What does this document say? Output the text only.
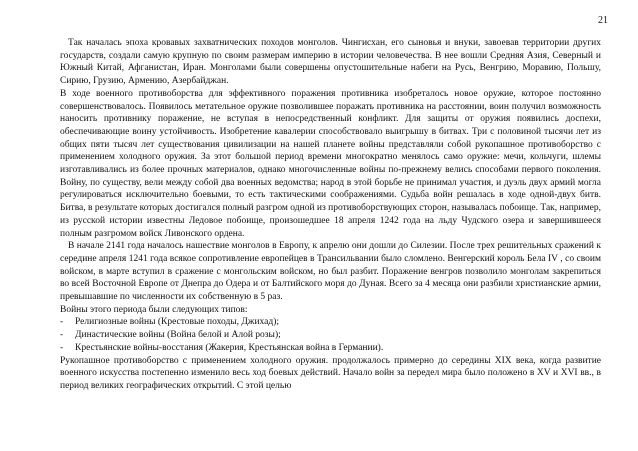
21

Так началась эпоха кровавых захватнических походов монголов. Чингисхан, его сыновья и внуки, завоевав территории других государств, создали самую крупную по своим размерам империю в истории человечества. В нее вошли Средняя Азия, Северный и Южный Китай, Афганистан, Иран. Монголами были совершены опустошительные набеги на Русь, Венгрию, Моравию, Польшу, Сирию, Грузию, Армению, Азербайджан.

В ходе военного противоборства для эффективного поражения противника изобреталось новое оружие, которое постоянно совершенствовалось. Появилось метательное оружие позволившее поражать противника на расстоянии, воин получил возможность наносить противнику поражение, не вступая в непосредственный конфликт. Для защиты от оружия появились доспехи, обеспечивающие воину устойчивость. Изобретение кавалерии способствовало выигрышу в битвах. Три с половиной тысячи лет из общих пяти тысяч лет существования цивилизации на нашей планете войны представляли собой рукопашное противоборство с применением холодного оружия. За этот большой период времени многократно менялось само оружие: мечи, кольчуги, шлемы изготавливались из более прочных материалов, однако многочисленные войны по-прежнему велись способами первого поколения. Войну, по существу, вели между собой два военных ведомства; народ в этой борьбе не принимал участия, и дуэль двух армий могла регулироваться исключительно боевыми, то есть тактическими соображениями. Судьба войн решалась в ходе одной-двух битв. Битва, в результате которых достигался полный разгром одной из противоборствующих сторон, называлась побоище. Так, например, из русской истории известны Ледовое побоище, произошедшее 18 апреля 1242 года на льду Чудского озера и завершившееся полным разгромом войск Ливонского ордена.

В начале 2141 года началось нашествие монголов в Европу, к апрелю они дошли до Силезии. После трех решительных сражений к середине апреля 1241 года всякое сопротивление европейцев в Трансильвании было сломлено. Венгерский король Бела IV , со своим войском, в марте вступил в сражение с монгольским войском, но был разбит. Поражение венгров позволило монголам закрепиться во всей Восточной Европе от Днепра до Одера и от Балтийского моря до Дуная. Всего за 4 месяца они разбили христианские армии, превышавшие по численности их собственную в 5 раз.

Войны этого периода были следующих типов:

- Религиозные войны (Крестовые походы, Джихад);
- Династические войны (Война белой и Алой розы);
- Крестьянские войны-восстания (Жакерия, Крестьянская война в Германии).

Рукопашное противоборство с применением холодного оружия. продолжалось примерно до середины XIX века, когда развитие военного искусства постепенно изменило весь ход боевых действий. Начало войн за передел мира было положено в XV и XVI вв., в период великих географических открытий. С этой целью
